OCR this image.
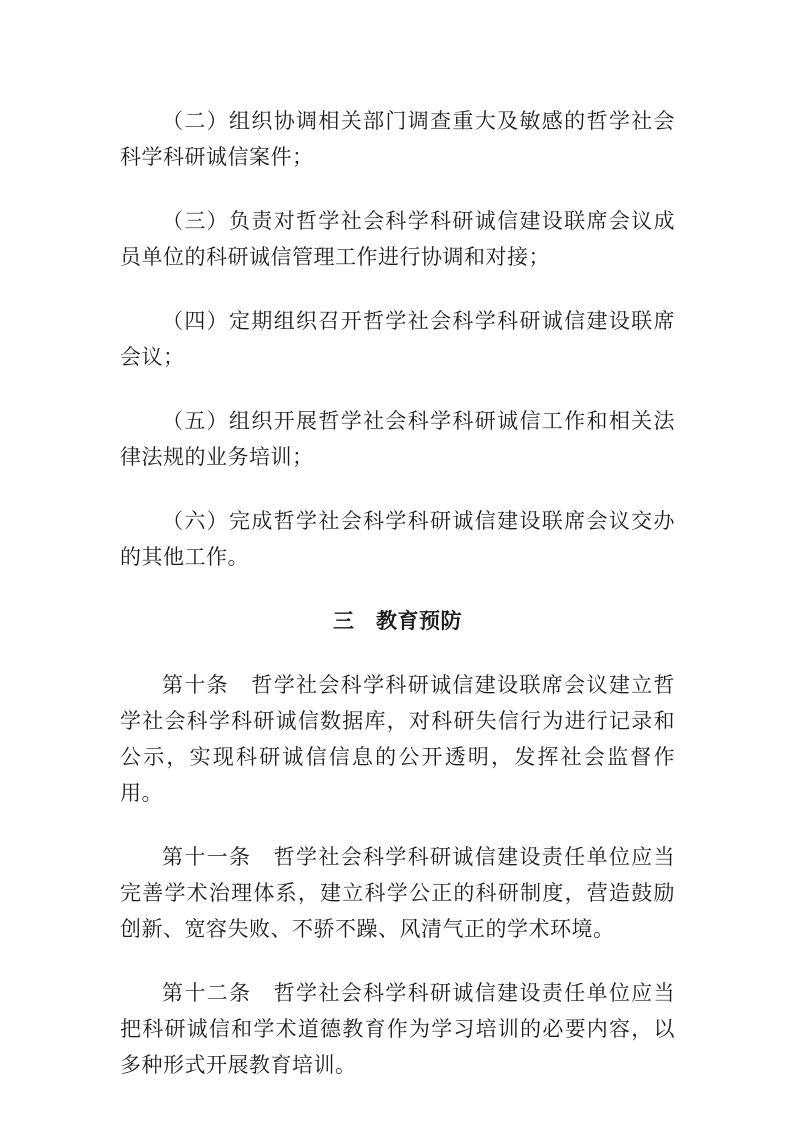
（二）组织协调相关部门调查重大及敏感的哲学社会科学科研诚信案件；

（三）负责对哲学社会科学科研诚信建设联席会议成员单位的科研诚信管理工作进行协调和对接；

（四）定期组织召开哲学社会科学科研诚信建设联席会议；

（五）组织开展哲学社会科学科研诚信工作和相关法律法规的业务培训；

（六）完成哲学社会科学科研诚信建设联席会议交办的其他工作。

三　教育预防

第十条　哲学社会科学科研诚信建设联席会议建立哲学社会科学科研诚信数据库，对科研失信行为进行记录和公示，实现科研诚信信息的公开透明，发挥社会监督作用。

第十一条　哲学社会科学科研诚信建设责任单位应当完善学术治理体系，建立科学公正的科研制度，营造鼓励创新、宽容失败、不骄不躁、风清气正的学术环境。

第十二条　哲学社会科学科研诚信建设责任单位应当把科研诚信和学术道德教育作为学习培训的必要内容，以多种形式开展教育培训。
